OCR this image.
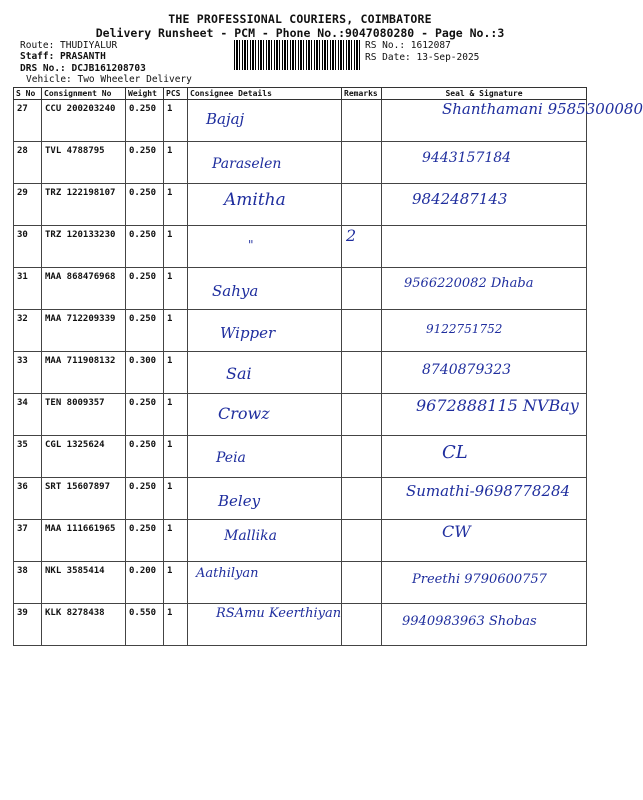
THE PROFESSIONAL COURIERS, COIMBATORE
Delivery Runsheet - PCM - Phone No.:9047080280 - Page No.:3
Route: THUDIYALUR
Staff: PRASANTH
DRS No.: DCJB161208703
Vehicle: Two Wheeler Delivery
RS No.: 1612087
RS Date: 13-Sep-2025
S No	Consignment No	Weight	PCS	Consignee Details	Remarks	Seal & Signature
27	CCU 200203240	0.250	1	Bajaj		Shanthamani 9585300080

28	TVL 4788795	0.250	1	Paraselen		9443157184

29	TRZ 122198107	0.250	1	Amitha		9842487143

30	TRZ 120133230	0.250	1	"	2	

31	MAA 868476968	0.250	1	Sahya		9566220082 Dhaba

32	MAA 712209339	0.250	1	Wipper		9122751752

33	MAA 711908132	0.300	1	Sai		8740879323

34	TEN 8009357	0.250	1	Crowz		9672888115 NVBay

35	CGL 1325624	0.250	1	Peia		CL

36	SRT 15607897	0.250	1	Beley		Sumathi-9698778284

37	MAA 111661965	0.250	1	Mallika		CW

38	NKL 3585414	0.200	1	Aathilyan		Preethi 9790600757

39	KLK 8278438	0.550	1	RSAmu Keerthiyan		9940983963 Shobas
